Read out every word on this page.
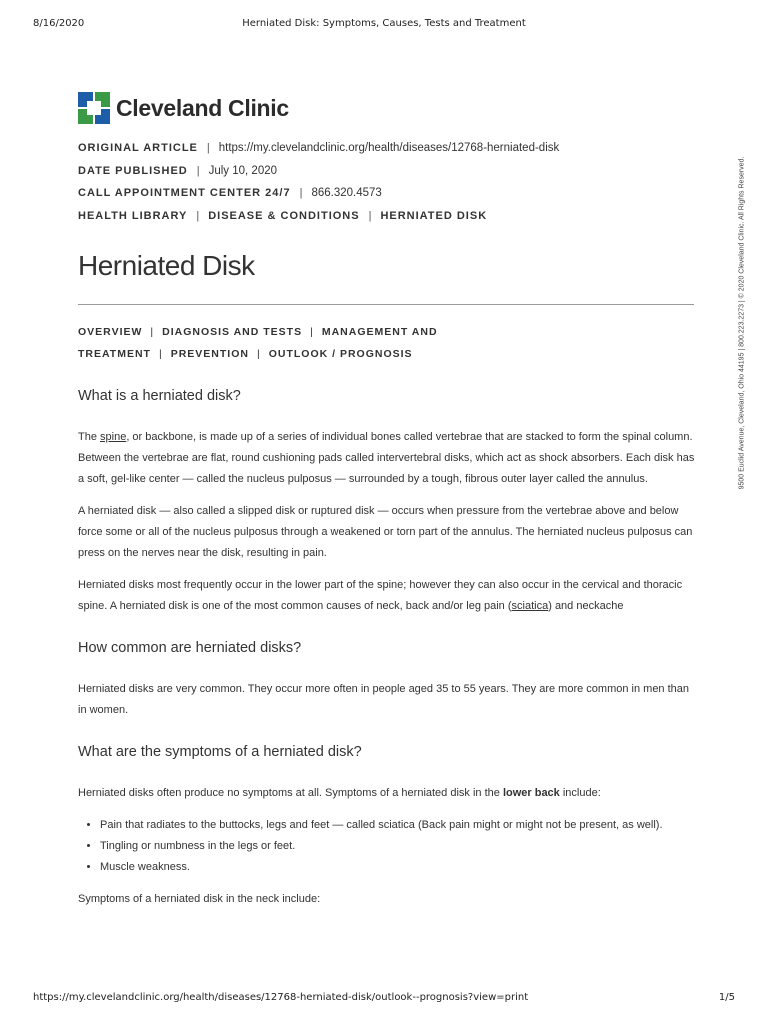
8/16/2020	Herniated Disk: Symptoms, Causes, Tests and Treatment
Cleveland Clinic
ORIGINAL ARTICLE | https://my.clevelandclinic.org/health/diseases/12768-herniated-disk
DATE PUBLISHED | July 10, 2020
CALL APPOINTMENT CENTER 24/7 | 866.320.4573
HEALTH LIBRARY | DISEASE & CONDITIONS | HERNIATED DISK
Herniated Disk
OVERVIEW | DIAGNOSIS AND TESTS | MANAGEMENT AND TREATMENT | PREVENTION | OUTLOOK / PROGNOSIS
What is a herniated disk?

The spine, or backbone, is made up of a series of individual bones called vertebrae that are stacked to form the spinal column. Between the vertebrae are flat, round cushioning pads called intervertebral disks, which act as shock absorbers. Each disk has a soft, gel-like center — called the nucleus pulposus — surrounded by a tough, fibrous outer layer called the annulus.

A herniated disk — also called a slipped disk or ruptured disk — occurs when pressure from the vertebrae above and below force some or all of the nucleus pulposus through a weakened or torn part of the annulus. The herniated nucleus pulposus can press on the nerves near the disk, resulting in pain.

Herniated disks most frequently occur in the lower part of the spine; however they can also occur in the cervical and thoracic spine. A herniated disk is one of the most common causes of neck, back and/or leg pain (sciatica) and neckache

How common are herniated disks?

Herniated disks are very common. They occur more often in people aged 35 to 55 years. They are more common in men than in women.

What are the symptoms of a herniated disk?

Herniated disks often produce no symptoms at all. Symptoms of a herniated disk in the lower back include:

• Pain that radiates to the buttocks, legs and feet — called sciatica (Back pain might or might not be present, as well).
• Tingling or numbness in the legs or feet.
• Muscle weakness.

Symptoms of a herniated disk in the neck include:

9500 Euclid Avenue, Cleveland, Ohio 44195 | 800.223.2273 | © 2020 Cleveland Clinic. All Rights Reserved.
https://my.clevelandclinic.org/health/diseases/12768-herniated-disk/outlook--prognosis?view=print	1/5
